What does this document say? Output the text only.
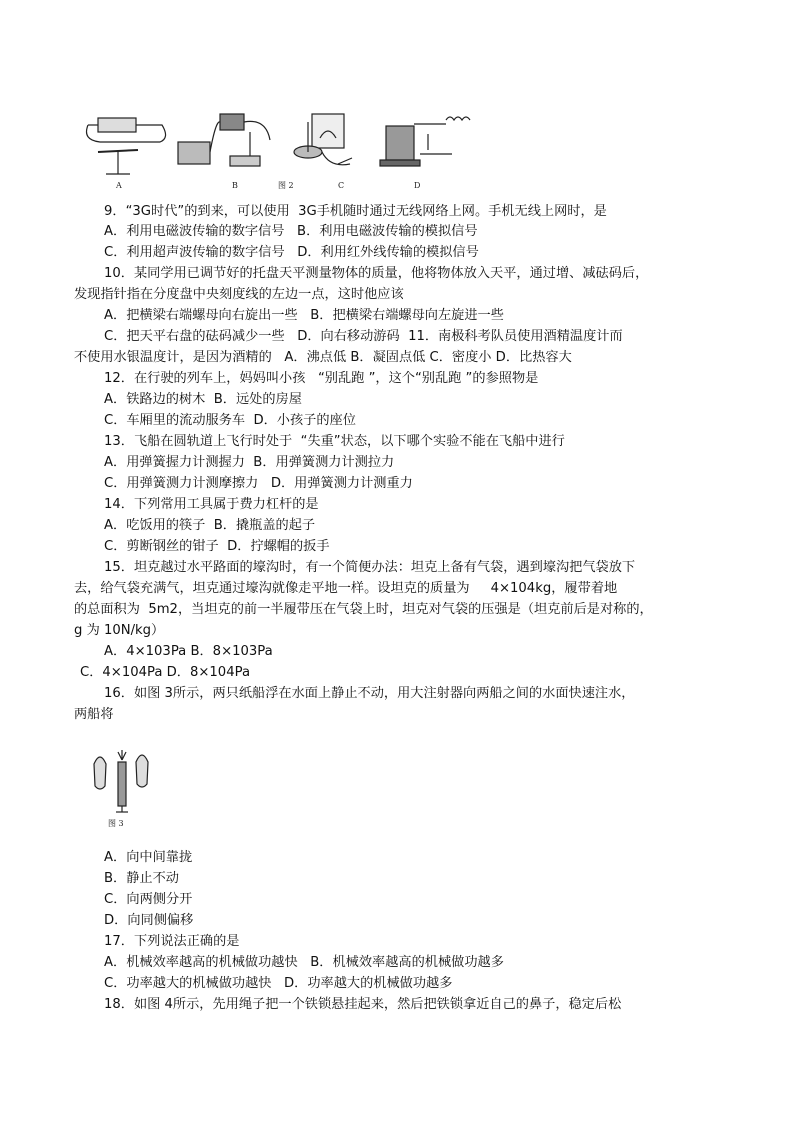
A	B	图 2	C	D
9．“3G时代”的到来，可以使用  3G手机随时通过无线网络上网。手机无线上网时，是
A．利用电磁波传输的数字信号   B．利用电磁波传输的模拟信号
C．利用超声波传输的数字信号   D．利用红外线传输的模拟信号
10．某同学用已调节好的托盘天平测量物体的质量，他将物体放入天平，通过增、减砝码后，
发现指针指在分度盘中央刻度线的左边一点，这时他应该
A．把横梁右端螺母向右旋出一些   B．把横梁右端螺母向左旋进一些
C．把天平右盘的砝码减少一些   D．向右移动游码  11．南极科考队员使用酒精温度计而
不使用水银温度计，是因为酒精的   A．沸点低 B．凝固点低 C．密度小 D．比热容大
12．在行驶的列车上，妈妈叫小孩   “别乱跑 ”，这个“别乱跑 ”的参照物是
A．铁路边的树木  B．远处的房屋
C．车厢里的流动服务车  D．小孩子的座位
13．飞船在圆轨道上飞行时处于  “失重”状态，以下哪个实验不能在飞船中进行
A．用弹簧握力计测握力  B．用弹簧测力计测拉力
C．用弹簧测力计测摩擦力   D．用弹簧测力计测重力
14．下列常用工具属于费力杠杆的是
A．吃饭用的筷子  B．撬瓶盖的起子
C．剪断钢丝的钳子  D．拧螺帽的扳手
15．坦克越过水平路面的壕沟时，有一个简便办法：坦克上备有气袋，遇到壕沟把气袋放下
去，给气袋充满气，坦克通过壕沟就像走平地一样。设坦克的质量为     4×104kg，履带着地
的总面积为  5m2，当坦克的前一半履带压在气袋上时，坦克对气袋的压强是（坦克前后是对称的，
g 为 10N/kg）
A．4×103Pa B．8×103Pa
C．4×104Pa D．8×104Pa
16．如图 3所示，两只纸船浮在水面上静止不动，用大注射器向两船之间的水面快速注水，
两船将
图 3
A．向中间靠拢
B．静止不动
C．向两侧分开
D．向同侧偏移
17．下列说法正确的是
A．机械效率越高的机械做功越快   B．机械效率越高的机械做功越多
C．功率越大的机械做功越快   D．功率越大的机械做功越多
18．如图 4所示，先用绳子把一个铁锁悬挂起来，然后把铁锁拿近自己的鼻子，稳定后松
